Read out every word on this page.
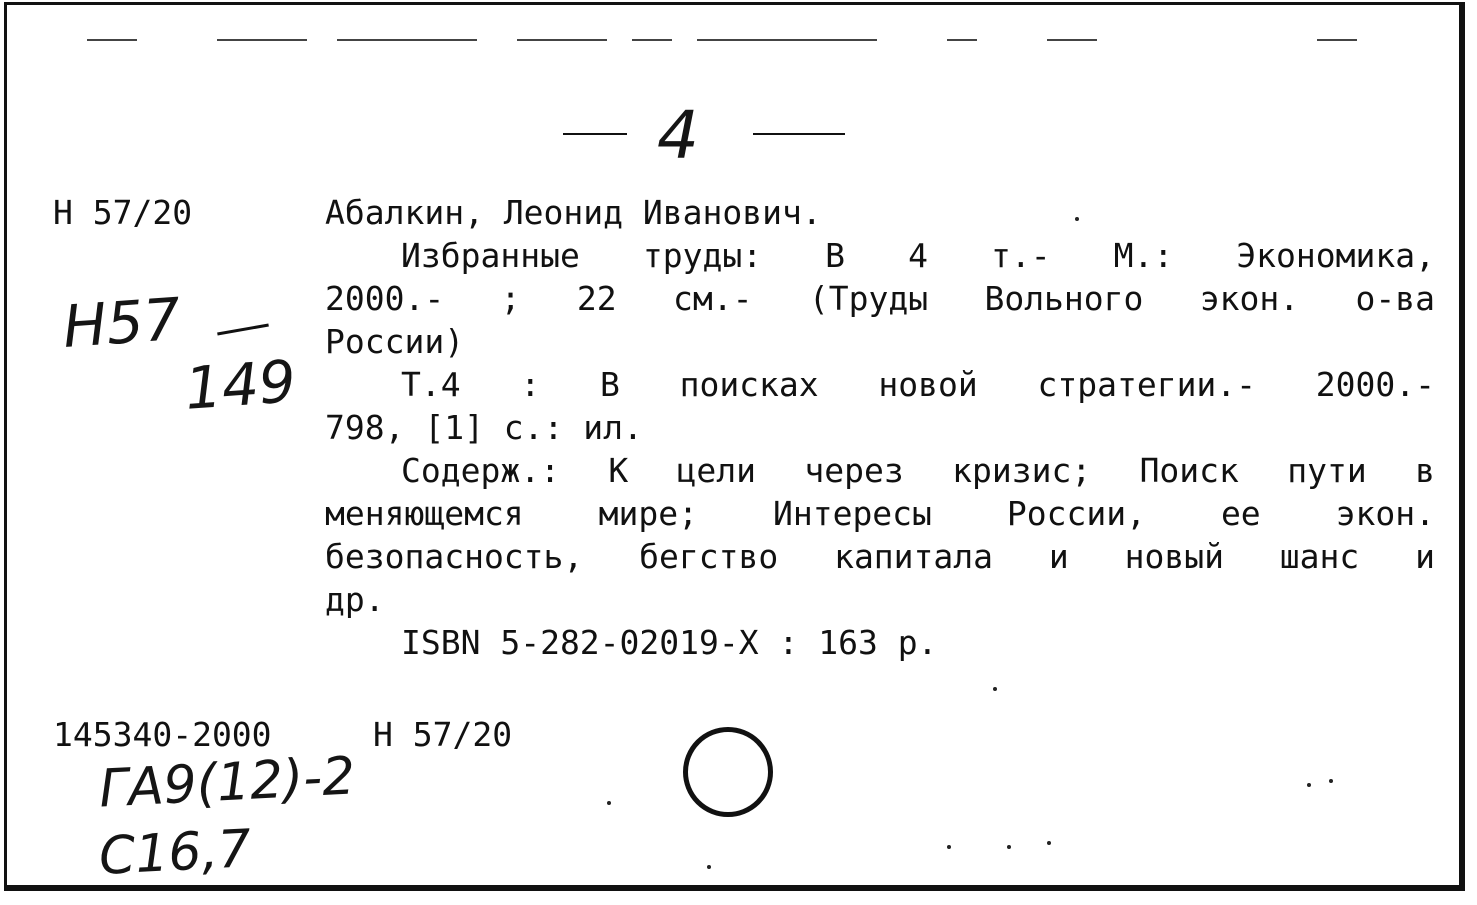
4
Н 57/20
Н57
149
Абалкин, Леонид Иванович.
Избранные труды: В 4 т.- М.: Экономика,
2000.- ; 22 см.- (Труды Вольного экон. о-ва
России)
Т.4 : В поисках новой стратегии.- 2000.-
798, [1] с.: ил.
Содерж.: К цели через кризис; Поиск пути в
меняющемся мире; Интересы России, ее экон.
безопасность, бегство капитала и новый шанс и
др.
ISBN 5-282-02019-Х : 163 р.
145340-2000	Н 57/20
ГА9(12)-2
С16,7
